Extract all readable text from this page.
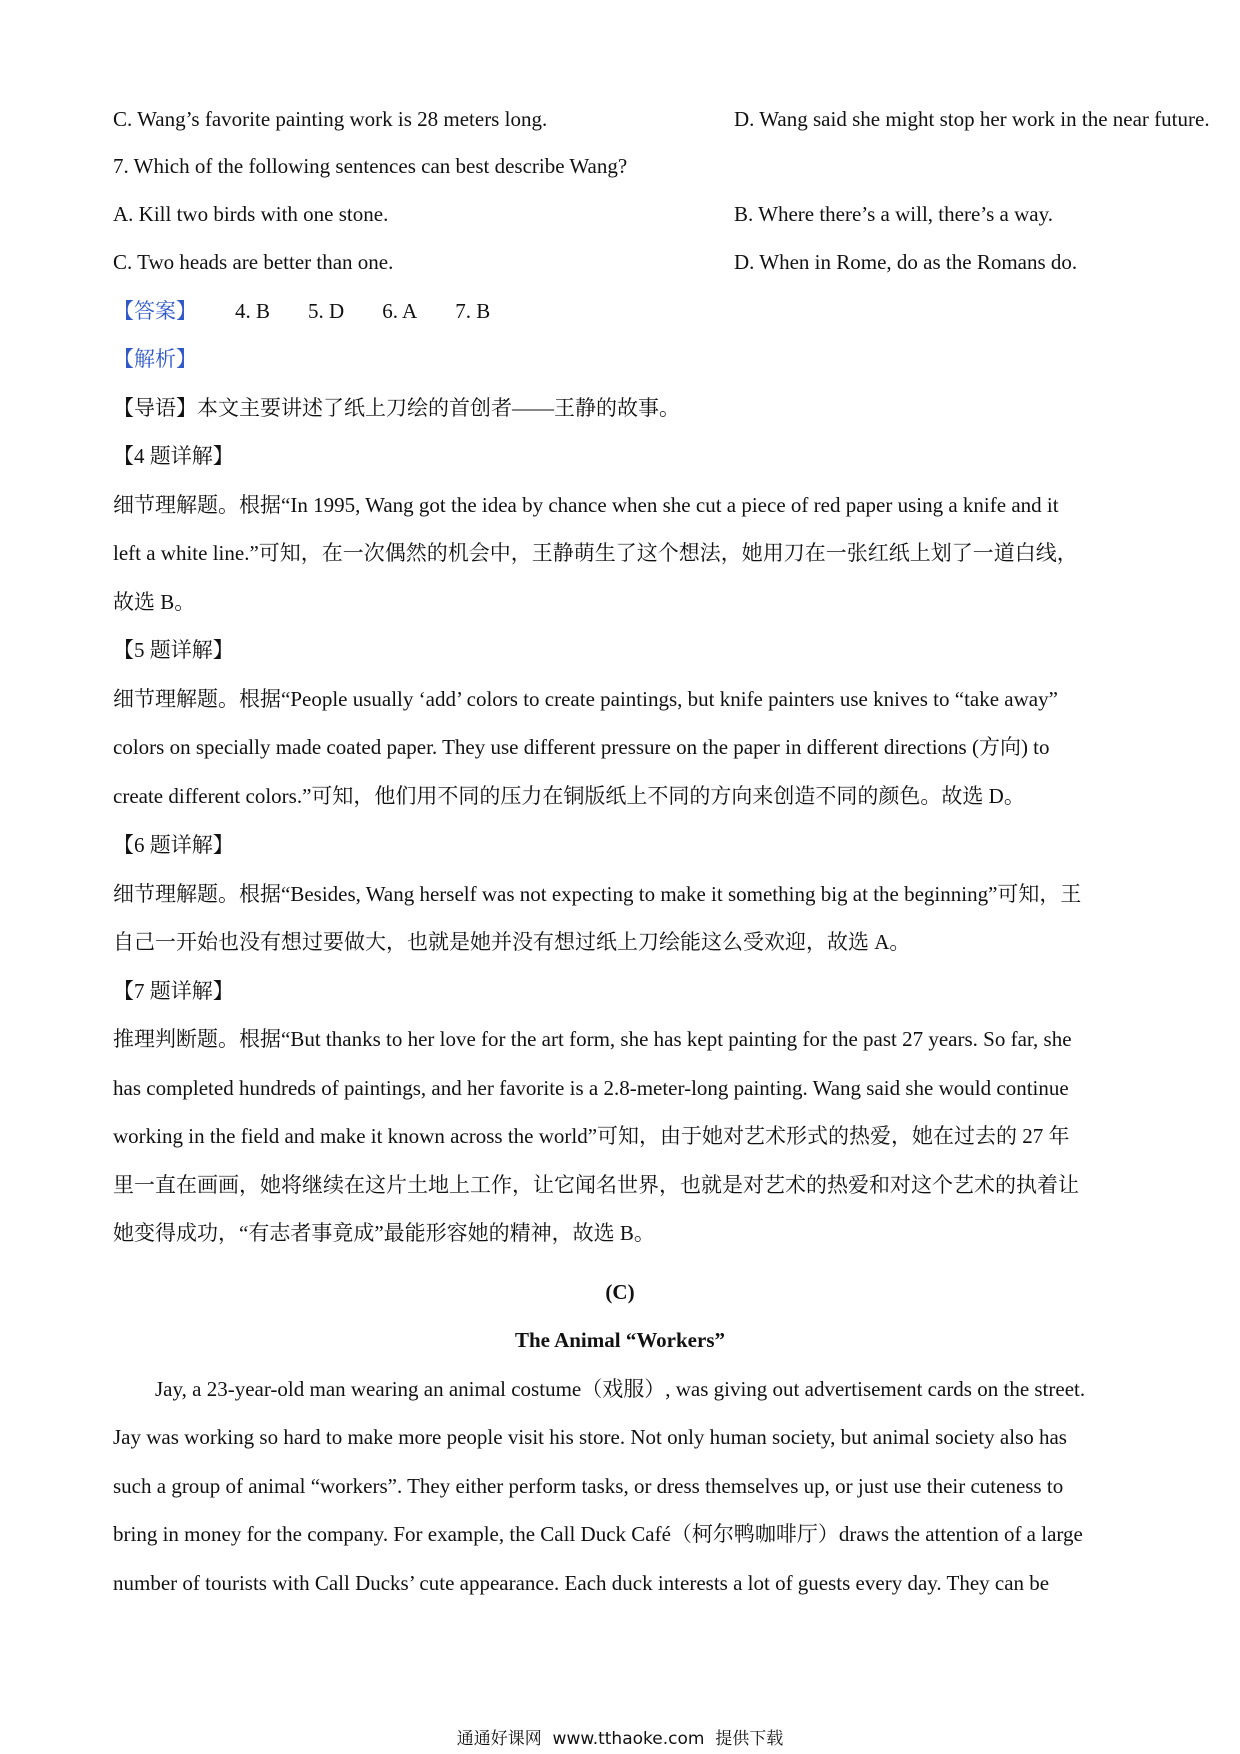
C. Wang’s favorite painting work is 28 meters long.	D. Wang said she might stop her work in the near future.
7. Which of the following sentences can best describe Wang?
A. Kill two birds with one stone.	B. Where there’s a will, there’s a way.
C. Two heads are better than one.	D. When in Rome, do as the Romans do.
【答案】 4. B 5. D 6. A 7. B
【解析】
【导语】本文主要讲述了纸上刀绘的首创者——王静的故事。
【4 题详解】
细节理解题。根据“In 1995, Wang got the idea by chance when she cut a piece of red paper using a knife and it
left a white line.”可知，在一次偶然的机会中，王静萌生了这个想法，她用刀在一张红纸上划了一道白线，
故选 B。
【5 题详解】
细节理解题。根据“People usually ‘add’ colors to create paintings, but knife painters use knives to “take away”
colors on specially made coated paper. They use different pressure on the paper in different directions (方向) to
create different colors.”可知，他们用不同的压力在铜版纸上不同的方向来创造不同的颜色。故选 D。
【6 题详解】
细节理解题。根据“Besides, Wang herself was not expecting to make it something big at the beginning”可知，王
自己一开始也没有想过要做大，也就是她并没有想过纸上刀绘能这么受欢迎，故选 A。
【7 题详解】
推理判断题。根据“But thanks to her love for the art form, she has kept painting for the past 27 years. So far, she
has completed hundreds of paintings, and her favorite is a 2.8-meter-long painting. Wang said she would continue
working in the field and make it known across the world”可知，由于她对艺术形式的热爱，她在过去的 27 年
里一直在画画，她将继续在这片土地上工作，让它闻名世界，也就是对艺术的热爱和对这个艺术的执着让
她变得成功，“有志者事竟成”最能形容她的精神，故选 B。
(C)
The Animal “Workers”
Jay, a 23-year-old man wearing an animal costume（戏服）, was giving out advertisement cards on the street.
Jay was working so hard to make more people visit his store. Not only human society, but animal society also has
such a group of animal “workers”. They either perform tasks, or dress themselves up, or just use their cuteness to
bring in money for the company. For example, the Call Duck Café（柯尔鸭咖啡厅）draws the attention of a large
number of tourists with Call Ducks’ cute appearance. Each duck interests a lot of guests every day. They can be
通通好课网 www.tthaoke.com 提供下载
